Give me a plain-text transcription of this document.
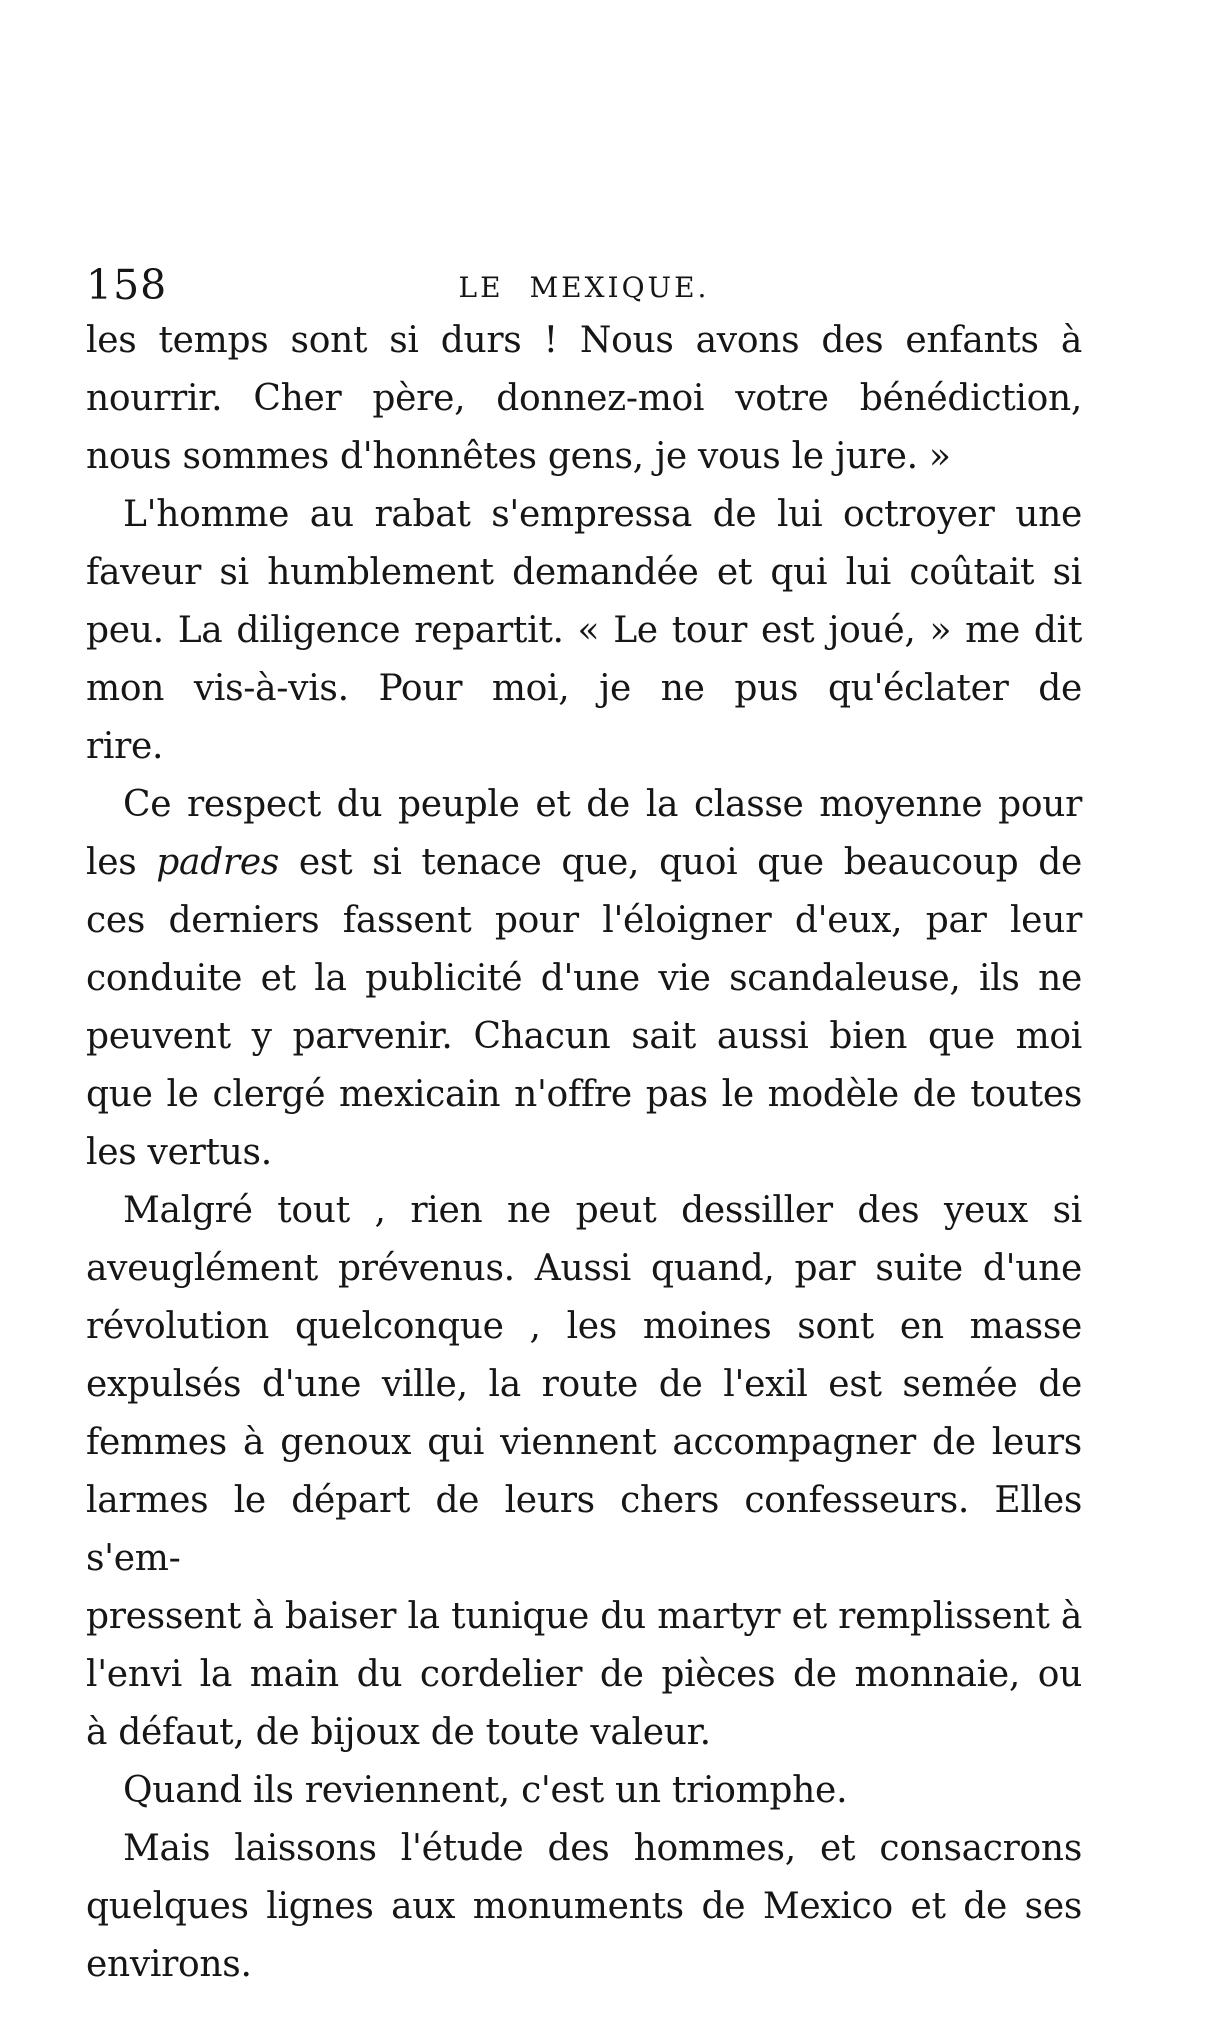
158	LE MEXIQUE.
les temps sont si durs ! Nous avons des enfants à
nourrir. Cher père, donnez-moi votre bénédiction,
nous sommes d'honnêtes gens, je vous le jure. »
L'homme au rabat s'empressa de lui octroyer une
faveur si humblement demandée et qui lui coûtait si
peu. La diligence repartit. « Le tour est joué, » me dit
mon vis-à-vis. Pour moi, je ne pus qu'éclater de
rire.
Ce respect du peuple et de la classe moyenne pour
les padres est si tenace que, quoi que beaucoup de
ces derniers fassent pour l'éloigner d'eux, par leur
conduite et la publicité d'une vie scandaleuse, ils ne
peuvent y parvenir. Chacun sait aussi bien que moi
que le clergé mexicain n'offre pas le modèle de toutes
les vertus.
Malgré tout , rien ne peut dessiller des yeux si
aveuglément prévenus. Aussi quand, par suite d'une
révolution quelconque , les moines sont en masse
expulsés d'une ville, la route de l'exil est semée de
femmes à genoux qui viennent accompagner de leurs
larmes le départ de leurs chers confesseurs. Elles s'em-
pressent à baiser la tunique du martyr et remplissent à
l'envi la main du cordelier de pièces de monnaie, ou
à défaut, de bijoux de toute valeur.
Quand ils reviennent, c'est un triomphe.
Mais laissons l'étude des hommes, et consacrons
quelques lignes aux monuments de Mexico et de ses
environs.
